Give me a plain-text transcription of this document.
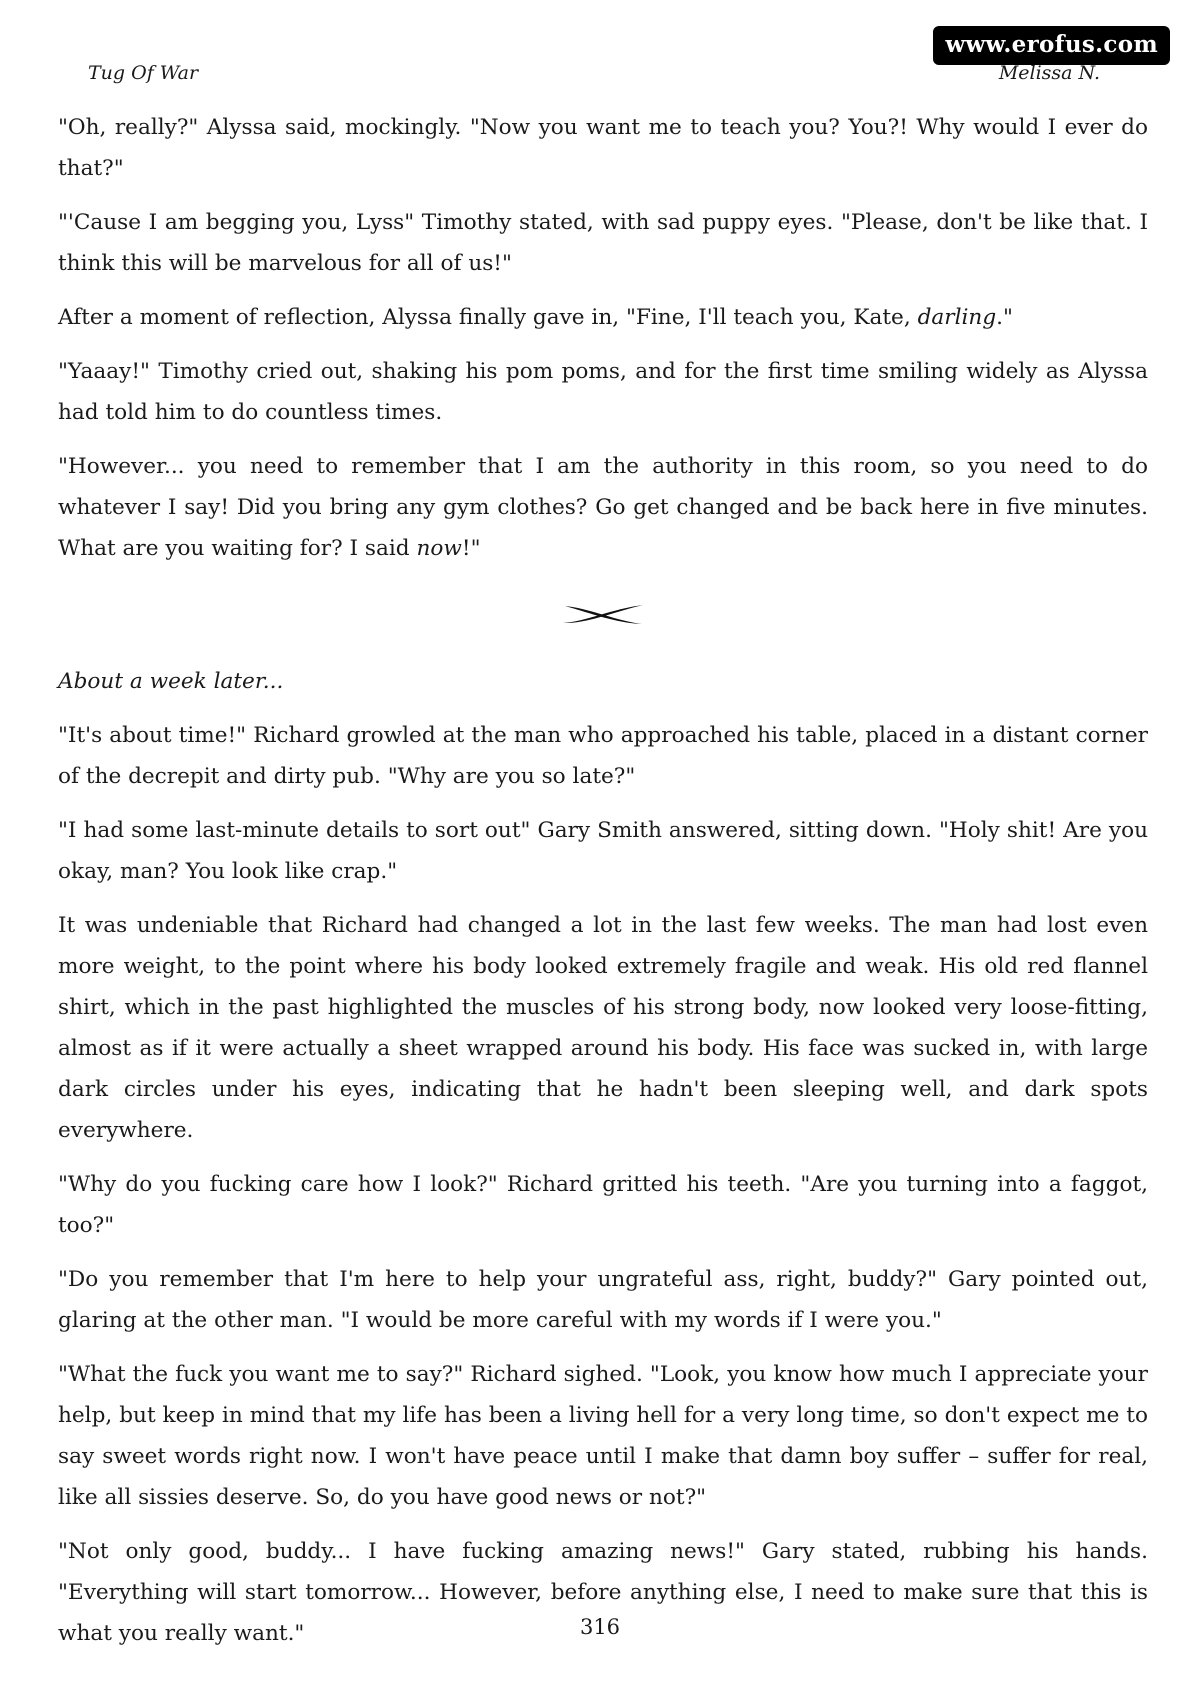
www.erofus.com
Tug Of War	Melissa N.

"Oh, really?" Alyssa said, mockingly. "Now you want me to teach you? You?! Why would I ever do that?"

"'Cause I am begging you, Lyss" Timothy stated, with sad puppy eyes. "Please, don't be like that. I think this will be marvelous for all of us!"

After a moment of reflection, Alyssa finally gave in, "Fine, I'll teach you, Kate, darling."

"Yaaay!" Timothy cried out, shaking his pom poms, and for the first time smiling widely as Alyssa had told him to do countless times.

"However... you need to remember that I am the authority in this room, so you need to do whatever I say! Did you bring any gym clothes? Go get changed and be back here in five minutes. What are you waiting for? I said now!"

About a week later...

"It's about time!" Richard growled at the man who approached his table, placed in a distant corner of the decrepit and dirty pub. "Why are you so late?"

"I had some last-minute details to sort out" Gary Smith answered, sitting down. "Holy shit! Are you okay, man? You look like crap."

It was undeniable that Richard had changed a lot in the last few weeks. The man had lost even more weight, to the point where his body looked extremely fragile and weak. His old red flannel shirt, which in the past highlighted the muscles of his strong body, now looked very loose-fitting, almost as if it were actually a sheet wrapped around his body. His face was sucked in, with large dark circles under his eyes, indicating that he hadn't been sleeping well, and dark spots everywhere.

"Why do you fucking care how I look?" Richard gritted his teeth. "Are you turning into a faggot, too?"

"Do you remember that I'm here to help your ungrateful ass, right, buddy?" Gary pointed out, glaring at the other man. "I would be more careful with my words if I were you."

"What the fuck you want me to say?" Richard sighed. "Look, you know how much I appreciate your help, but keep in mind that my life has been a living hell for a very long time, so don't expect me to say sweet words right now. I won't have peace until I make that damn boy suffer – suffer for real, like all sissies deserve. So, do you have good news or not?"

"Not only good, buddy... I have fucking amazing news!" Gary stated, rubbing his hands. "Everything will start tomorrow... However, before anything else, I need to make sure that this is what you really want."	316
